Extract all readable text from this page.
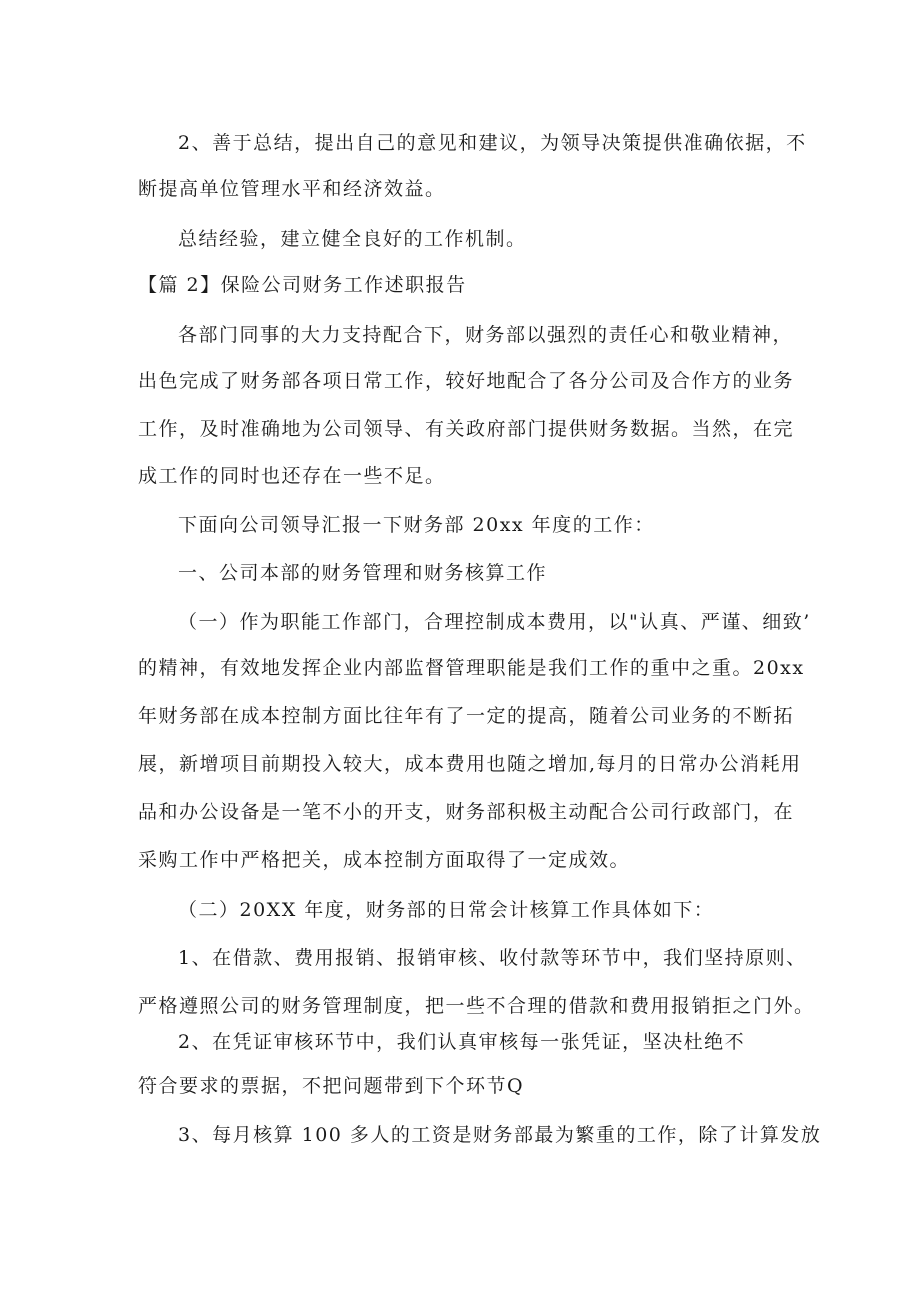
2、善于总结，提出自己的意见和建议，为领导决策提供准确依据，不
断提高单位管理水平和经济效益。
总结经验，建立健全良好的工作机制。
【篇 2】保险公司财务工作述职报告
各部门同事的大力支持配合下，财务部以强烈的责任心和敬业精神，
出色完成了财务部各项日常工作，较好地配合了各分公司及合作方的业务
工作，及时准确地为公司领导、有关政府部门提供财务数据。当然，在完
成工作的同时也还存在一些不足。
下面向公司领导汇报一下财务部 20xx 年度的工作：
一、公司本部的财务管理和财务核算工作
（一）作为职能工作部门，合理控制成本费用，以"认真、严谨、细致’
的精神，有效地发挥企业内部监督管理职能是我们工作的重中之重。20xx
年财务部在成本控制方面比往年有了一定的提高，随着公司业务的不断拓
展，新增项目前期投入较大，成本费用也随之增加,每月的日常办公消耗用
品和办公设备是一笔不小的开支，财务部积极主动配合公司行政部门，在
采购工作中严格把关，成本控制方面取得了一定成效。
（二）20XX 年度，财务部的日常会计核算工作具体如下：
1、在借款、费用报销、报销审核、收付款等环节中，我们坚持原则、
严格遵照公司的财务管理制度，把一些不合理的借款和费用报销拒之门外。
2、在凭证审核环节中，我们认真审核每一张凭证，坚决杜绝不
符合要求的票据，不把问题带到下个环节Q
3、每月核算 100 多人的工资是财务部最为繁重的工作，除了计算发放
